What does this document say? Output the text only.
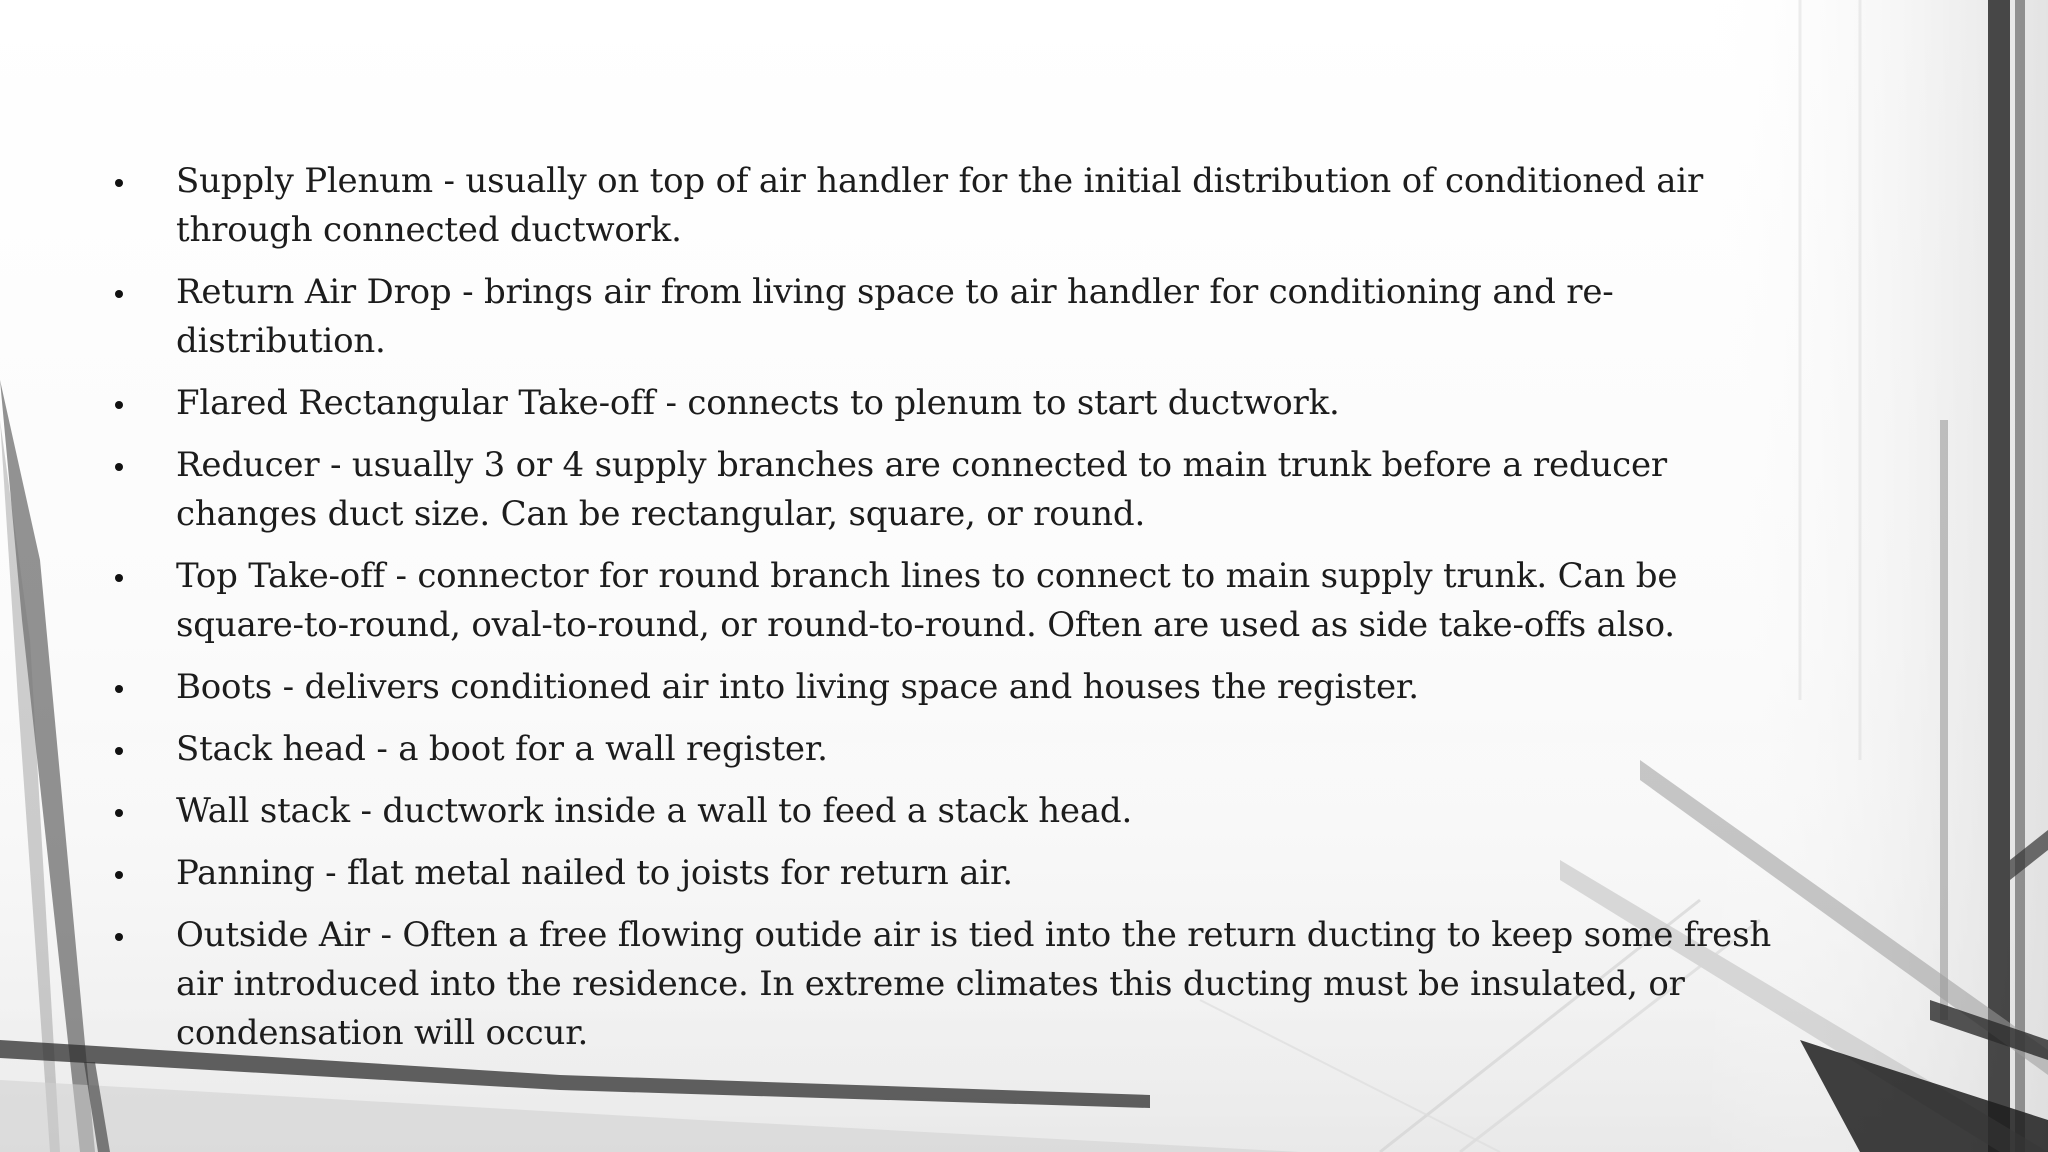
Supply Plenum - usually on top of air handler for the initial distribution of conditioned air through connected ductwork.
Return Air Drop - brings air from living space to air handler for conditioning and re-distribution.
Flared Rectangular Take-off - connects to plenum to start ductwork.
Reducer - usually 3 or 4 supply branches are connected to main trunk before a reducer changes duct size. Can be rectangular, square, or round.
Top Take-off - connector for round branch lines to connect to main supply trunk. Can be square-to-round, oval-to-round, or round-to-round. Often are used as side take-offs also.
Boots - delivers conditioned air into living space and houses the register.
Stack head - a boot for a wall register.
Wall stack - ductwork inside a wall to feed a stack head.
Panning - flat metal nailed to joists for return air.
Outside Air - Often a free flowing outide air is tied into the return ducting to keep some fresh air introduced into the residence. In extreme climates this ducting must be insulated, or condensation will occur.
